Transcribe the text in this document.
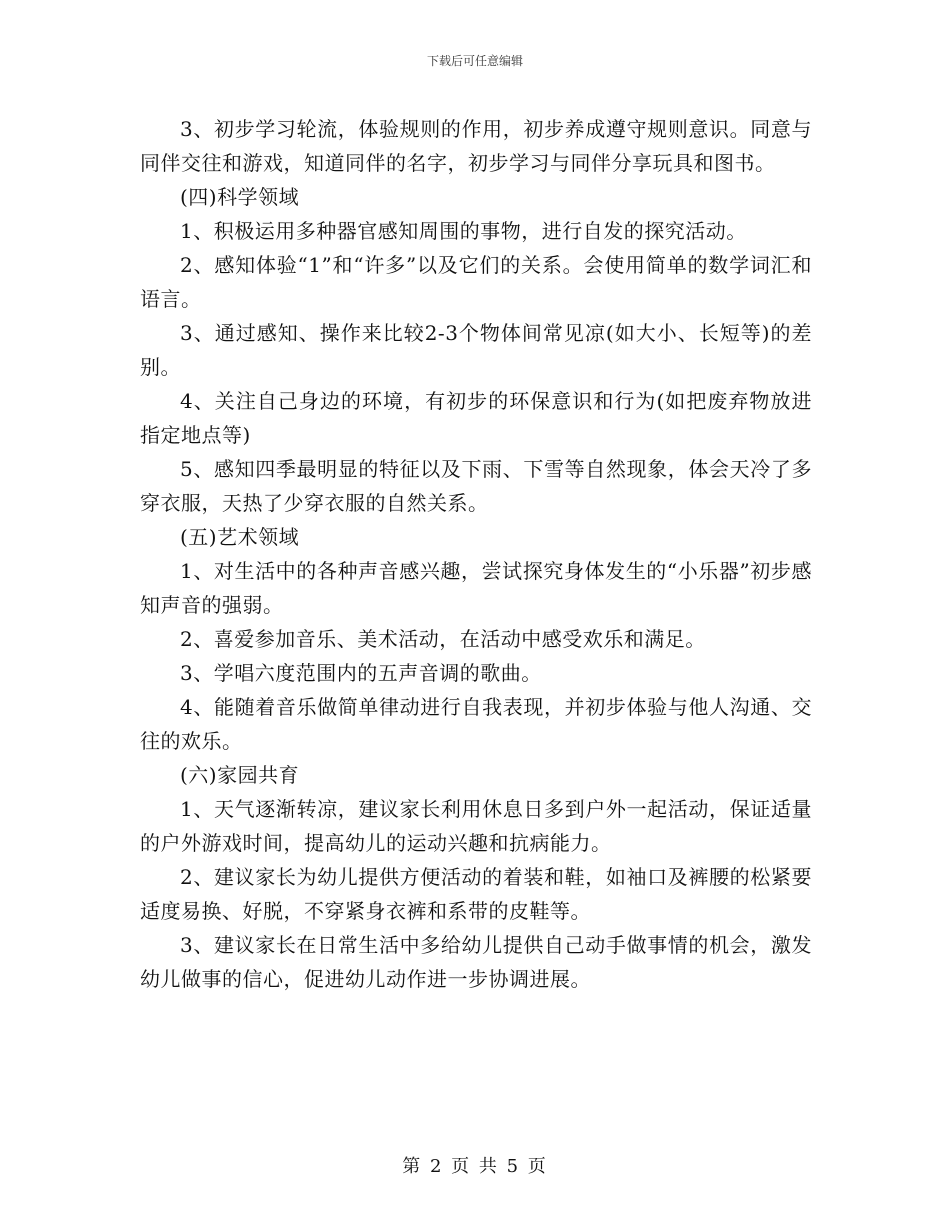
下载后可任意编辑

3、初步学习轮流，体验规则的作用，初步养成遵守规则意识。同意与同伴交往和游戏，知道同伴的名字，初步学习与同伴分享玩具和图书。

(四)科学领域

1、积极运用多种器官感知周围的事物，进行自发的探究活动。

2、感知体验“1”和“许多”以及它们的关系。会使用简单的数学词汇和语言。

3、通过感知、操作来比较2-3个物体间常见凉(如大小、长短等)的差别。

4、关注自己身边的环境，有初步的环保意识和行为(如把废弃物放进指定地点等)

5、感知四季最明显的特征以及下雨、下雪等自然现象，体会天冷了多穿衣服，天热了少穿衣服的自然关系。

(五)艺术领域

1、对生活中的各种声音感兴趣，尝试探究身体发生的“小乐器”初步感知声音的强弱。

2、喜爱参加音乐、美术活动，在活动中感受欢乐和满足。

3、学唱六度范围内的五声音调的歌曲。

4、能随着音乐做简单律动进行自我表现，并初步体验与他人沟通、交往的欢乐。

(六)家园共育

1、天气逐渐转凉，建议家长利用休息日多到户外一起活动，保证适量的户外游戏时间，提高幼儿的运动兴趣和抗病能力。

2、建议家长为幼儿提供方便活动的着装和鞋，如袖口及裤腰的松紧要适度易换、好脱，不穿紧身衣裤和系带的皮鞋等。

3、建议家长在日常生活中多给幼儿提供自己动手做事情的机会，激发幼儿做事的信心，促进幼儿动作进一步协调进展。

第 2 页 共 5 页
